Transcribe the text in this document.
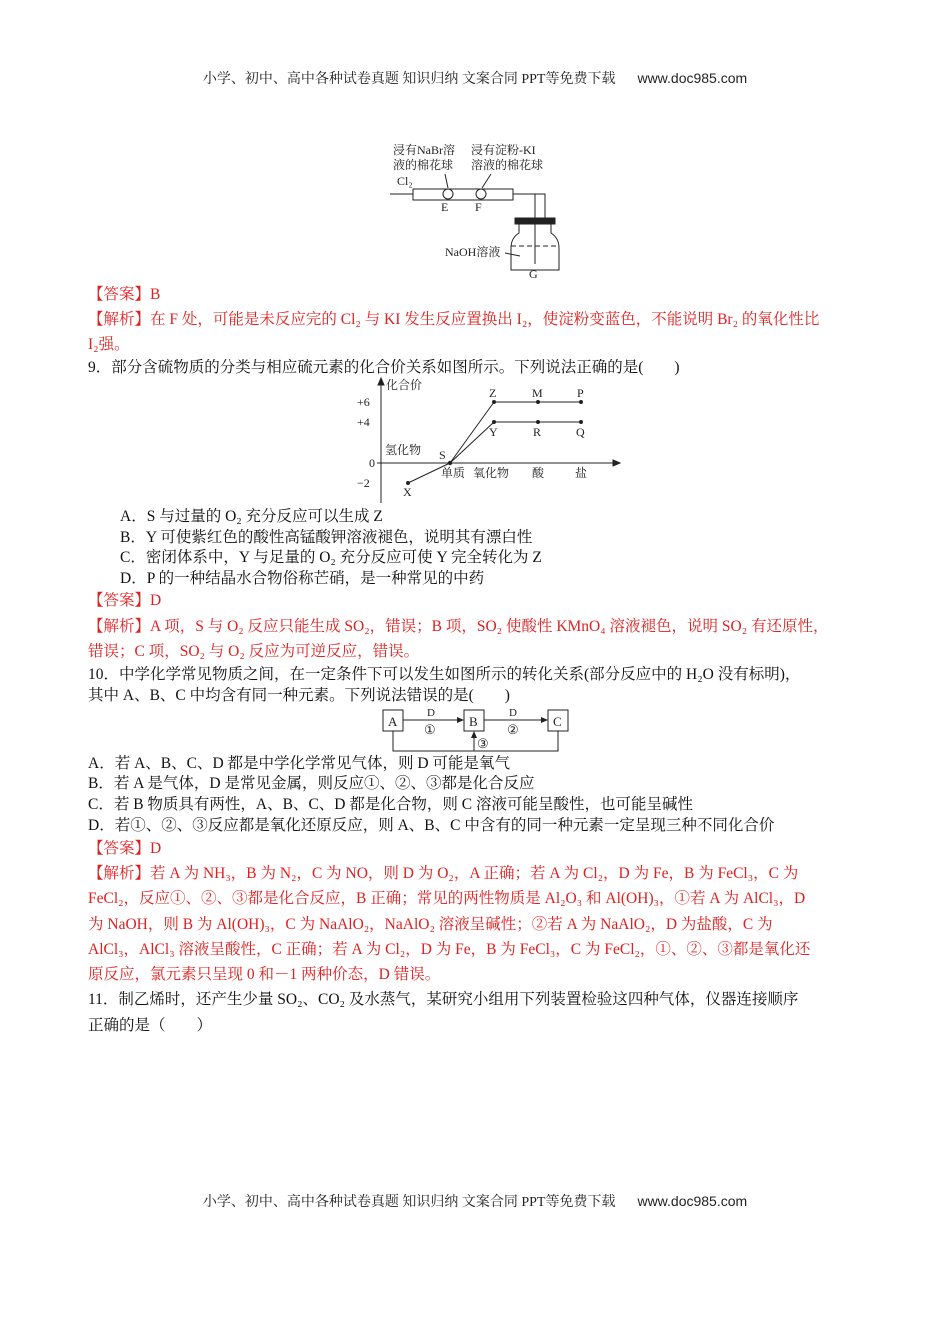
小学、初中、高中各种试卷真题 知识归纳 文案合同 PPT等免费下载 www.doc985.com
浸有NaBr溶
液的棉花球
浸有淀粉-KI
溶液的棉花球
Cl₂
E F
NaOH溶液
G
【答案】B
【解析】在 F 处，可能是未反应完的 Cl₂ 与 KI 发生反应置换出 I₂，使淀粉变蓝色，不能说明 Br₂ 的氧化性比
I₂强。
9．部分含硫物质的分类与相应硫元素的化合价关系如图所示。下列说法正确的是(　　)
化合价
+6
+4
0
−2
氢化物
单质 氧化物 酸	盐
X
S
Z	M	P
Y	R	Q
A．S 与过量的 O₂ 充分反应可以生成 Z
B．Y 可使紫红色的酸性高锰酸钾溶液褪色，说明其有漂白性
C．密闭体系中，Y 与足量的 O₂ 充分反应可使 Y 完全转化为 Z
D．P 的一种结晶水合物俗称芒硝，是一种常见的中药
【答案】D
【解析】A 项，S 与 O₂ 反应只能生成 SO₂，错误；B 项，SO₂ 使酸性 KMnO₄ 溶液褪色，说明 SO₂ 有还原性，
错误；C 项，SO₂ 与 O₂ 反应为可逆反应，错误。
10．中学化学常见物质之间，在一定条件下可以发生如图所示的转化关系(部分反应中的 H₂O 没有标明)，
其中 A、B、C 中均含有同一种元素。下列说法错误的是(　　)
A	B	C
D	D
①	②
③
A．若 A、B、C、D 都是中学化学常见气体，则 D 可能是氧气
B．若 A 是气体，D 是常见金属，则反应①、②、③都是化合反应
C．若 B 物质具有两性，A、B、C、D 都是化合物，则 C 溶液可能呈酸性，也可能呈碱性
D．若①、②、③反应都是氧化还原反应，则 A、B、C 中含有的同一种元素一定呈现三种不同化合价
【答案】D
【解析】若 A 为 NH₃，B 为 N₂，C 为 NO，则 D 为 O₂，A 正确；若 A 为 Cl₂，D 为 Fe，B 为 FeCl₃，C 为
FeCl₂，反应①、②、③都是化合反应，B 正确；常见的两性物质是 Al₂O₃ 和 Al(OH)₃，①若 A 为 AlCl₃，D
为 NaOH，则 B 为 Al(OH)₃，C 为 NaAlO₂，NaAlO₂ 溶液呈碱性；②若 A 为 NaAlO₂，D 为盐酸，C 为
AlCl₃，AlCl₃ 溶液呈酸性，C 正确；若 A 为 Cl₂，D 为 Fe，B 为 FeCl₃，C 为 FeCl₂，①、②、③都是氧化还
原反应，氯元素只呈现 0 和－1 两种价态，D 错误。
11．制乙烯时，还产生少量 SO₂、CO₂ 及水蒸气，某研究小组用下列装置检验这四种气体，仪器连接顺序
正确的是（　　）
小学、初中、高中各种试卷真题 知识归纳 文案合同 PPT等免费下载 www.doc985.com
